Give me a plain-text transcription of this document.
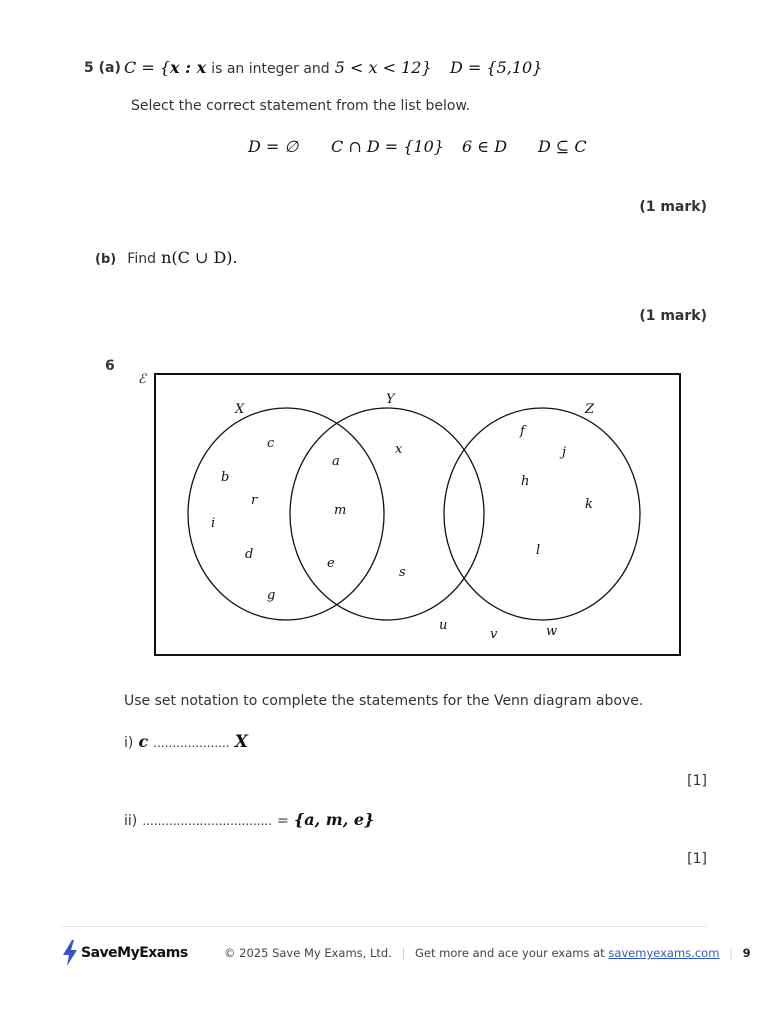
5 (a) C = {x : x is an integer and 5 < x < 12} D = {5,10}
Select the correct statement from the list below.
D = ∅ C ∩ D = {10} 6 ∈ D D ⊆ C
(1 mark)
(b) Find n(C ∪ D).
(1 mark)
6
ℰ
X
Y
Z
c
b
r
i
d
g
a
m
e
x
s
f
j
h
k
l
u
v	w
Use set notation to complete the statements for the Venn diagram above.
i) c .................... X
[1]
ii) .................................. = {a, m, e}
[1]
SaveMyExams	© 2025 Save My Exams, Ltd. | Get more and ace your exams at savemyexams.com | 9
